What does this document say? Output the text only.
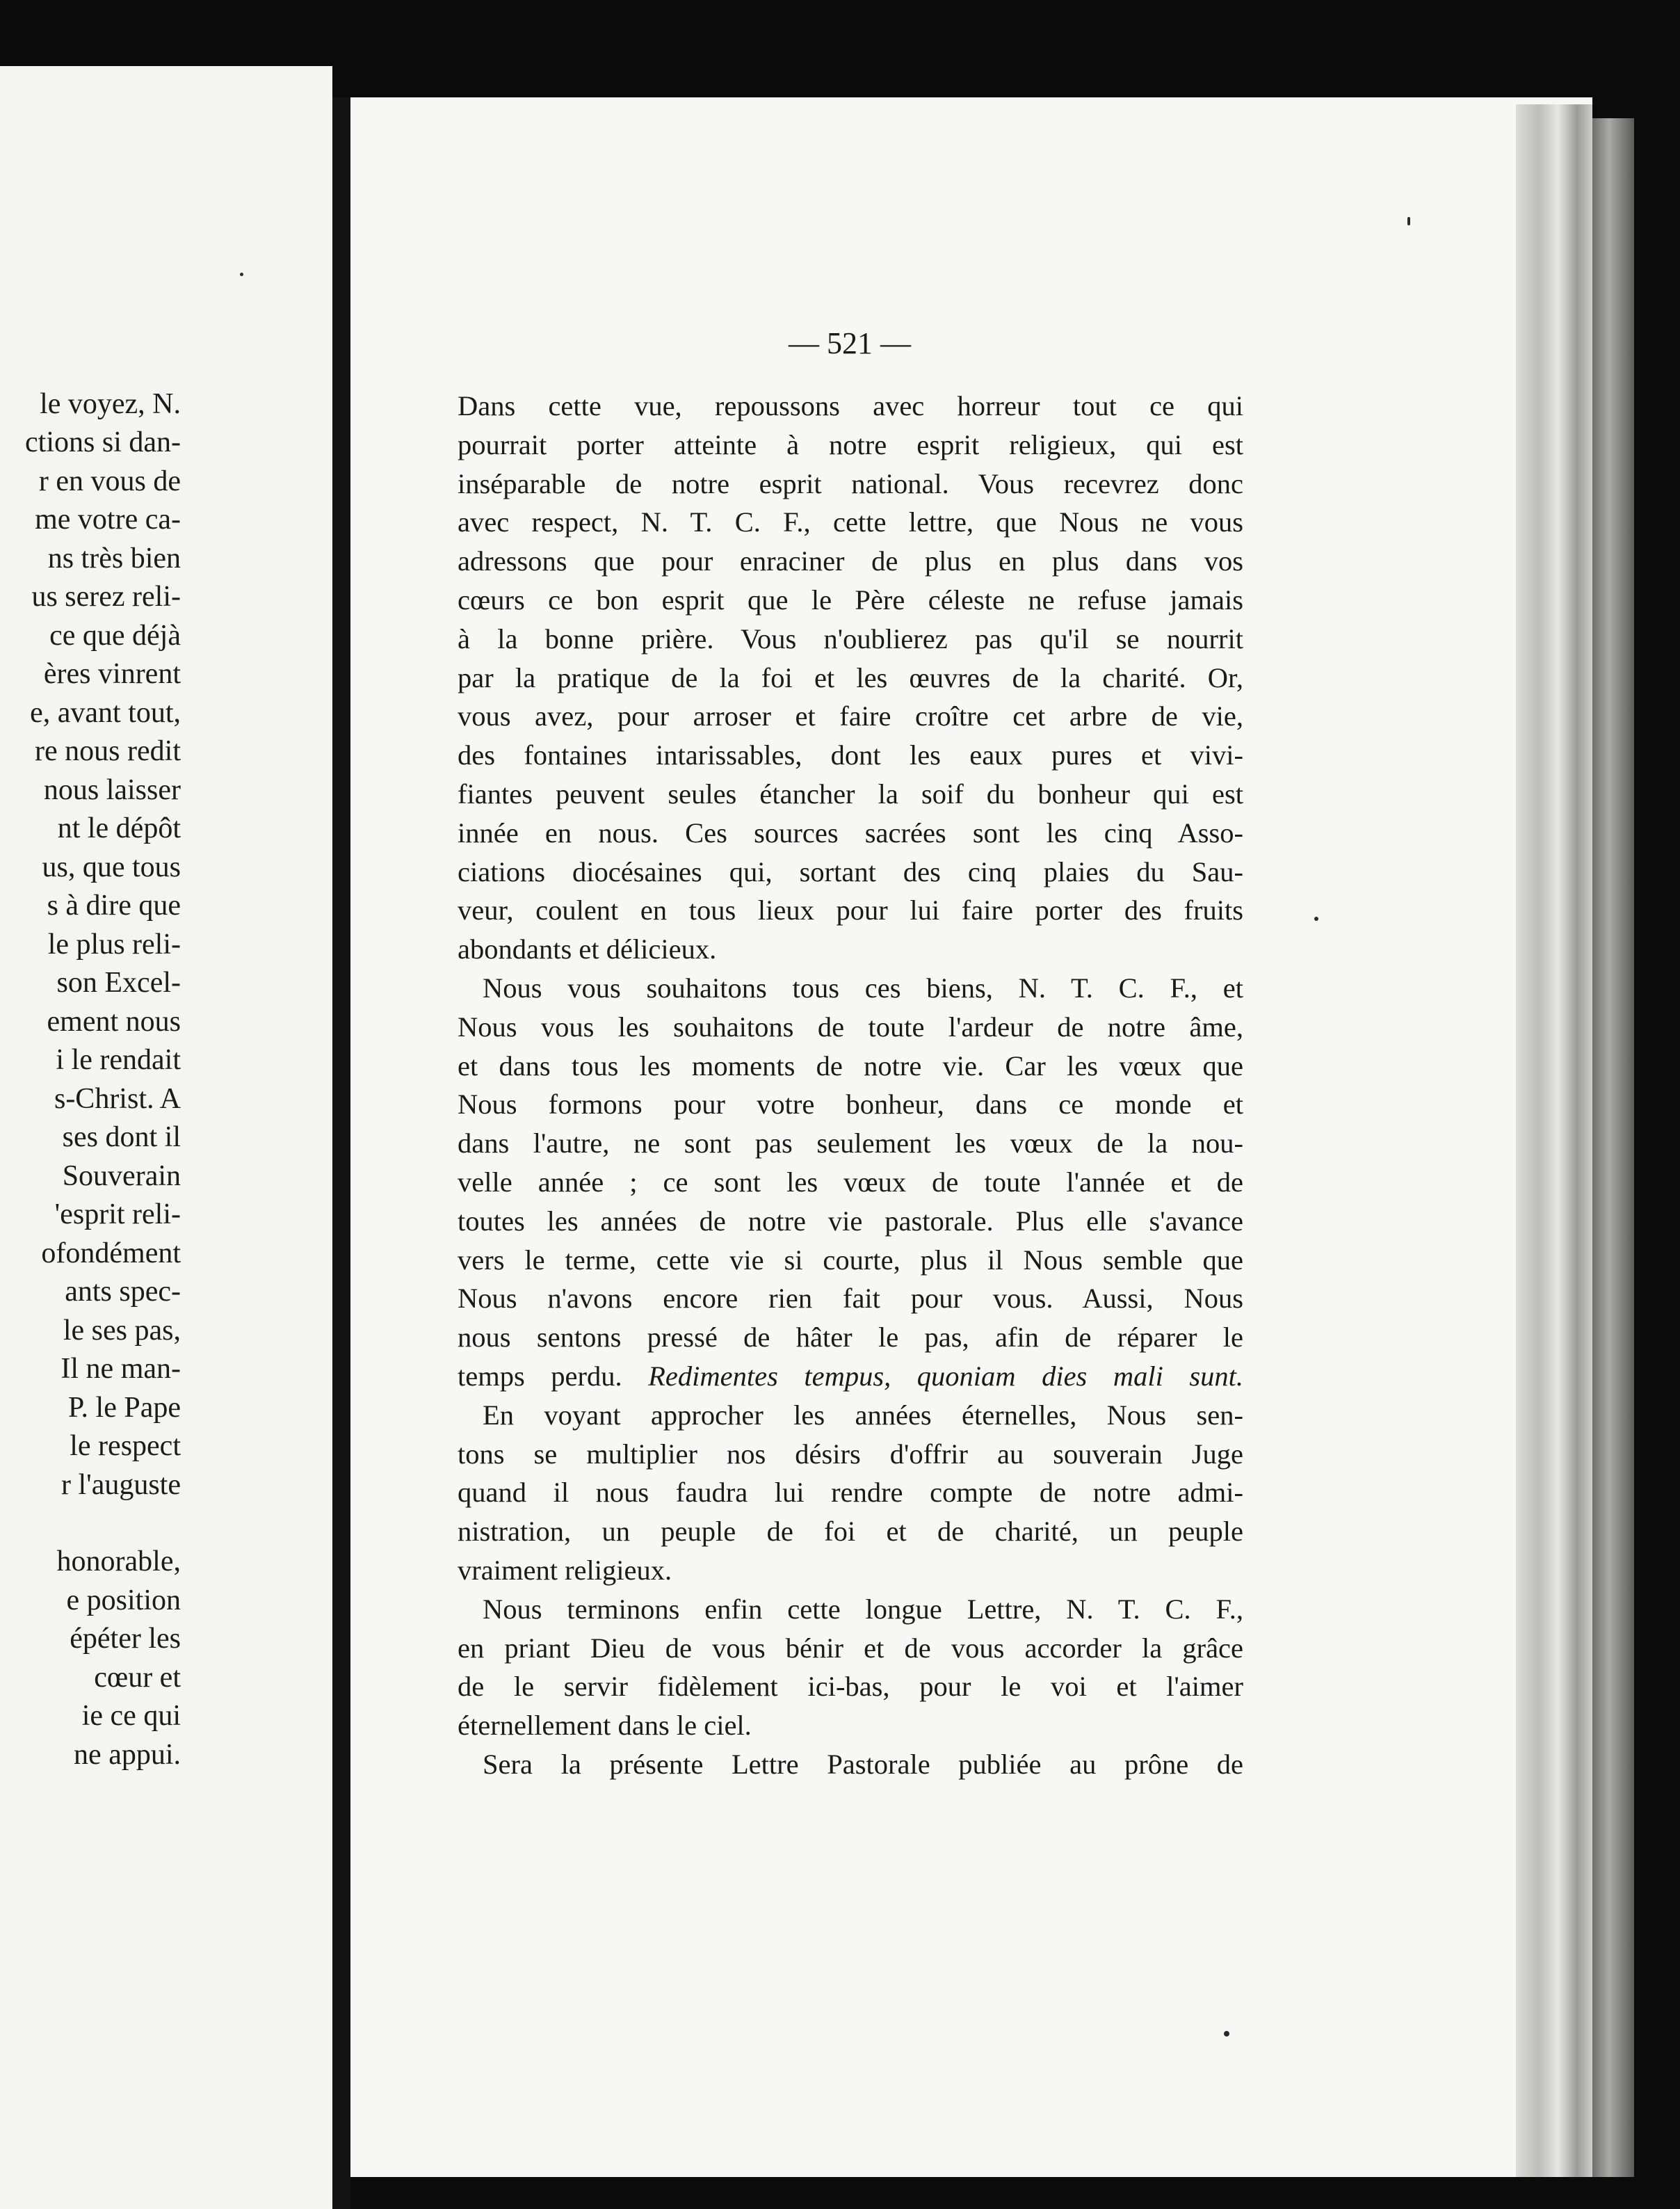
le voyez, N.
ctions si dan-
r en vous de
me votre ca-
ns très bien
us serez reli-
ce que déjà
ères vinrent
e, avant tout,
re nous redit
nous laisser
nt le dépôt
us, que tous
s à dire que
le plus reli-
son Excel-
ement nous
i le rendait
s-Christ. A
ses dont il
Souverain
'esprit reli-
ofondément
ants spec-
le ses pas,
Il ne man-
P. le Pape
le respect
r l'auguste
honorable,
e position
épéter les
cœur et
ie ce qui
ne appui.
— 521 —
Dans cette vue, repoussons avec horreur tout ce qui
pourrait porter atteinte à notre esprit religieux, qui est
inséparable de notre esprit national. Vous recevrez donc
avec respect, N. T. C. F., cette lettre, que Nous ne vous
adressons que pour enraciner de plus en plus dans vos
cœurs ce bon esprit que le Père céleste ne refuse jamais
à la bonne prière. Vous n'oublierez pas qu'il se nourrit
par la pratique de la foi et les œuvres de la charité. Or,
vous avez, pour arroser et faire croître cet arbre de vie,
des fontaines intarissables, dont les eaux pures et vivi-
fiantes peuvent seules étancher la soif du bonheur qui est
innée en nous. Ces sources sacrées sont les cinq Asso-
ciations diocésaines qui, sortant des cinq plaies du Sau-
veur, coulent en tous lieux pour lui faire porter des fruits
abondants et délicieux.
Nous vous souhaitons tous ces biens, N. T. C. F., et
Nous vous les souhaitons de toute l'ardeur de notre âme,
et dans tous les moments de notre vie. Car les vœux que
Nous formons pour votre bonheur, dans ce monde et
dans l'autre, ne sont pas seulement les vœux de la nou-
velle année ; ce sont les vœux de toute l'année et de
toutes les années de notre vie pastorale. Plus elle s'avance
vers le terme, cette vie si courte, plus il Nous semble que
Nous n'avons encore rien fait pour vous. Aussi, Nous
nous sentons pressé de hâter le pas, afin de réparer le
temps perdu. Redimentes tempus, quoniam dies mali sunt.
En voyant approcher les années éternelles, Nous sen-
tons se multiplier nos désirs d'offrir au souverain Juge
quand il nous faudra lui rendre compte de notre admi-
nistration, un peuple de foi et de charité, un peuple
vraiment religieux.
Nous terminons enfin cette longue Lettre, N. T. C. F.,
en priant Dieu de vous bénir et de vous accorder la grâce
de le servir fidèlement ici-bas, pour le voi et l'aimer
éternellement dans le ciel.
Sera la présente Lettre Pastorale publiée au prône de
